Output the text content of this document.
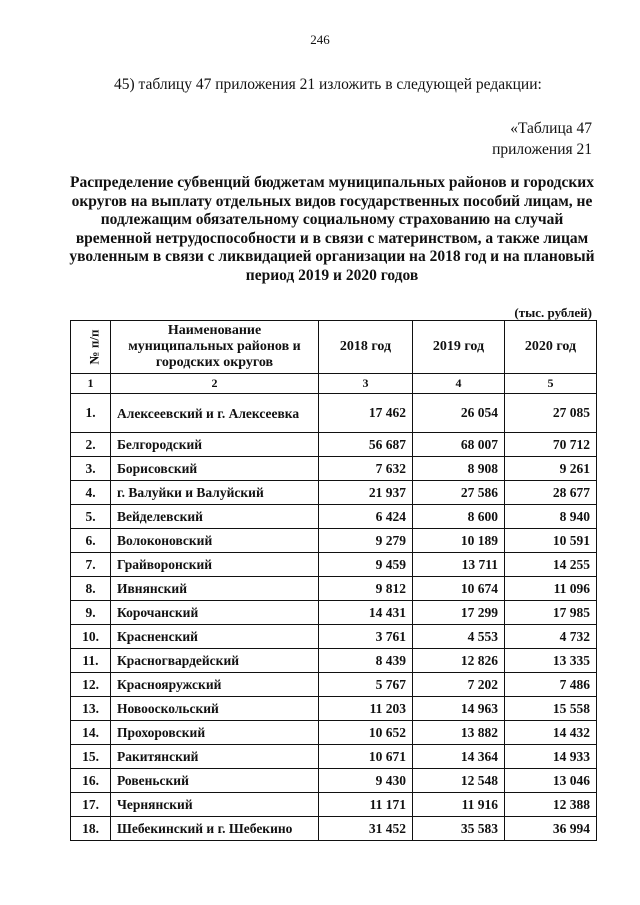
246
45) таблицу 47 приложения 21 изложить в следующей редакции:
«Таблица 47
приложения 21
Распределение субвенций бюджетам муниципальных районов и городских округов на выплату отдельных видов государственных пособий лицам, не подлежащим обязательному социальному страхованию на случай временной нетрудоспособности и в связи с материнством, а также лицам уволенным в связи с ликвидацией организации на 2018 год и на плановый период 2019 и 2020 годов
(тыс. рублей)
№ п/п	Наименование муниципальных районов и городских округов	2018 год	2019 год	2020 год
1	2	3	4	5
1.	Алексеевский и г. Алексеевка	17 462	26 054	27 085
2.	Белгородский	56 687	68 007	70 712
3.	Борисовский	7 632	8 908	9 261
4.	г. Валуйки и Валуйский	21 937	27 586	28 677
5.	Вейделевский	6 424	8 600	8 940
6.	Волоконовский	9 279	10 189	10 591
7.	Грайворонский	9 459	13 711	14 255
8.	Ивнянский	9 812	10 674	11 096
9.	Корочанский	14 431	17 299	17 985
10.	Красненский	3 761	4 553	4 732
11.	Красногвардейский	8 439	12 826	13 335
12.	Краснояружский	5 767	7 202	7 486
13.	Новооскольский	11 203	14 963	15 558
14.	Прохоровский	10 652	13 882	14 432
15.	Ракитянский	10 671	14 364	14 933
16.	Ровеньский	9 430	12 548	13 046
17.	Чернянский	11 171	11 916	12 388
18.	Шебекинский и г. Шебекино	31 452	35 583	36 994
